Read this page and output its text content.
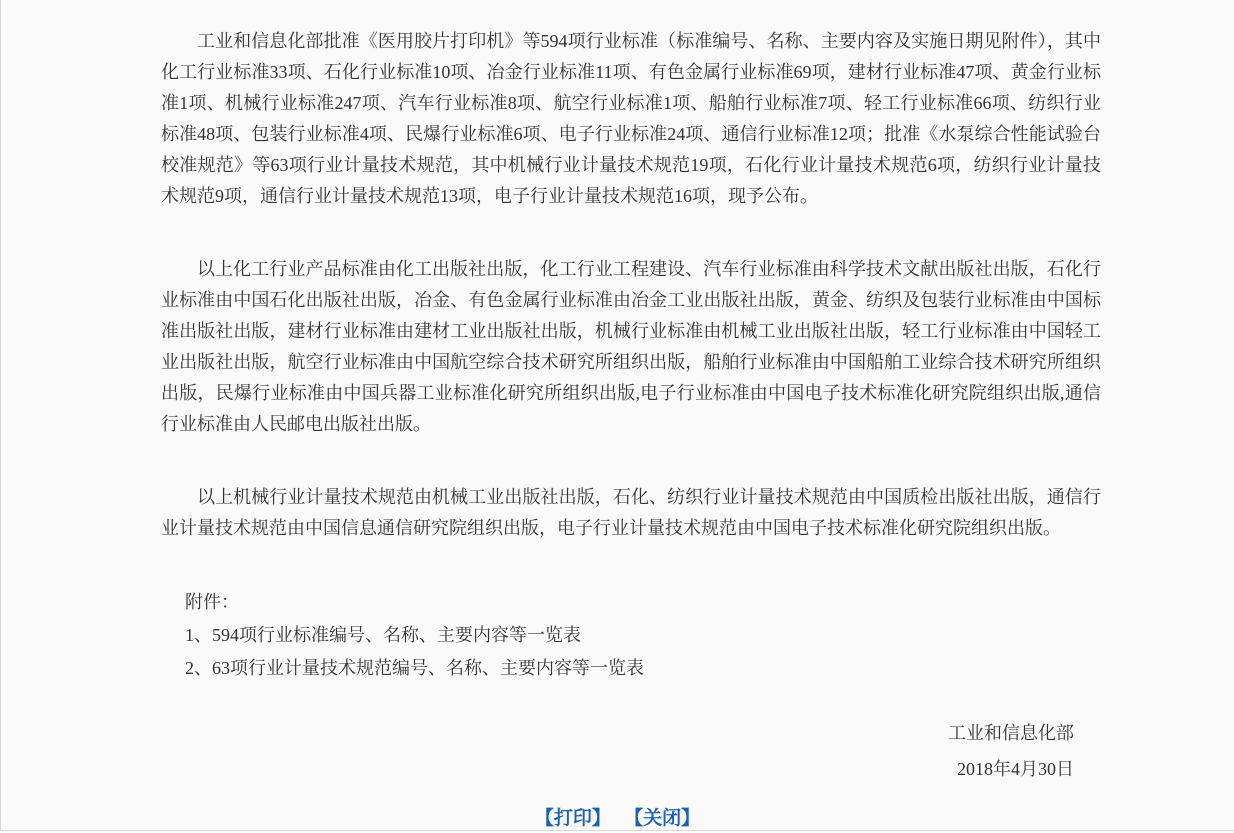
工业和信息化部批准《医用胶片打印机》等594项行业标准（标准编号、名称、主要内容及实施日期见附件），其中化工行业标准33项、石化行业标准10项、冶金行业标准11项、有色金属行业标准69项，建材行业标准47项、黄金行业标准1项、机械行业标准247项、汽车行业标准8项、航空行业标准1项、船舶行业标准7项、轻工行业标准66项、纺织行业标准48项、包装行业标准4项、民爆行业标准6项、电子行业标准24项、通信行业标准12项；批准《水泵综合性能试验台校准规范》等63项行业计量技术规范，其中机械行业计量技术规范19项，石化行业计量技术规范6项，纺织行业计量技术规范9项，通信行业计量技术规范13项，电子行业计量技术规范16项，现予公布。

以上化工行业产品标准由化工出版社出版，化工行业工程建设、汽车行业标准由科学技术文献出版社出版，石化行业标准由中国石化出版社出版，冶金、有色金属行业标准由冶金工业出版社出版，黄金、纺织及包装行业标准由中国标准出版社出版，建材行业标准由建材工业出版社出版，机械行业标准由机械工业出版社出版，轻工行业标准由中国轻工业出版社出版，航空行业标准由中国航空综合技术研究所组织出版，船舶行业标准由中国船舶工业综合技术研究所组织出版，民爆行业标准由中国兵器工业标准化研究所组织出版,电子行业标准由中国电子技术标准化研究院组织出版,通信行业标准由人民邮电出版社出版。

以上机械行业计量技术规范由机械工业出版社出版，石化、纺织行业计量技术规范由中国质检出版社出版，通信行业计量技术规范由中国信息通信研究院组织出版，电子行业计量技术规范由中国电子技术标准化研究院组织出版。

附件：
1、594项行业标准编号、名称、主要内容等一览表
2、63项行业计量技术规范编号、名称、主要内容等一览表
工业和信息化部
2018年4月30日
【打印】 【关闭】
